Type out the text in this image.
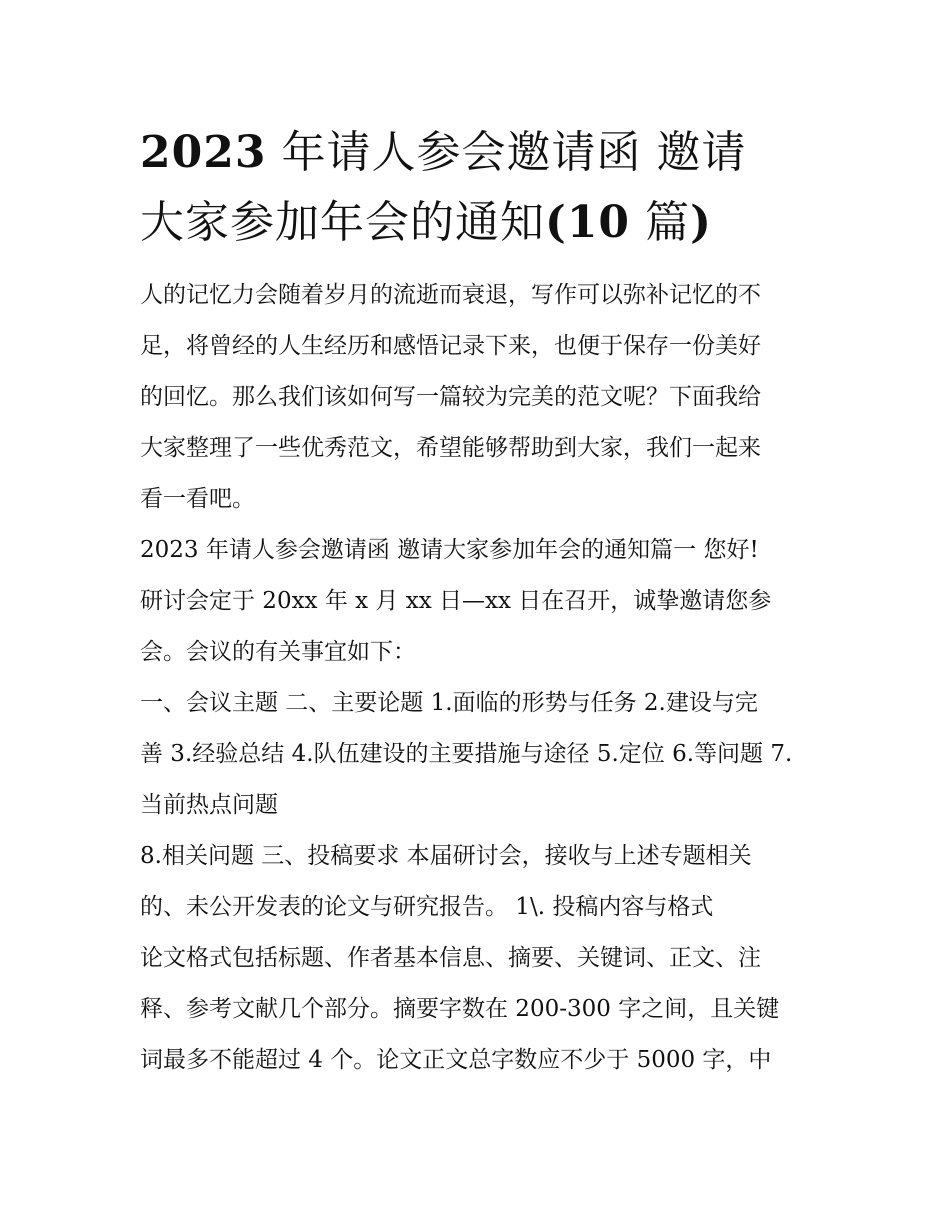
2023 年请人参会邀请函 邀请
大家参加年会的通知(10 篇)

人的记忆力会随着岁月的流逝而衰退，写作可以弥补记忆的不
足，将曾经的人生经历和感悟记录下来，也便于保存一份美好
的回忆。那么我们该如何写一篇较为完美的范文呢？下面我给
大家整理了一些优秀范文，希望能够帮助到大家，我们一起来
看一看吧。

2023 年请人参会邀请函 邀请大家参加年会的通知篇一 您好!
研讨会定于 20xx 年 x 月 xx 日—xx 日在召开，诚挚邀请您参
会。会议的有关事宜如下：

一、会议主题 二、主要论题 1.面临的形势与任务 2.建设与完
善 3.经验总结 4.队伍建设的主要措施与途径 5.定位 6.等问题 7.
当前热点问题

8.相关问题 三、投稿要求 本届研讨会，接收与上述专题相关
的、未公开发表的论文与研究报告。 1\. 投稿内容与格式

论文格式包括标题、作者基本信息、摘要、关键词、正文、注
释、参考文献几个部分。摘要字数在 200-300 字之间，且关键
词最多不能超过 4 个。论文正文总字数应不少于 5000 字，中
